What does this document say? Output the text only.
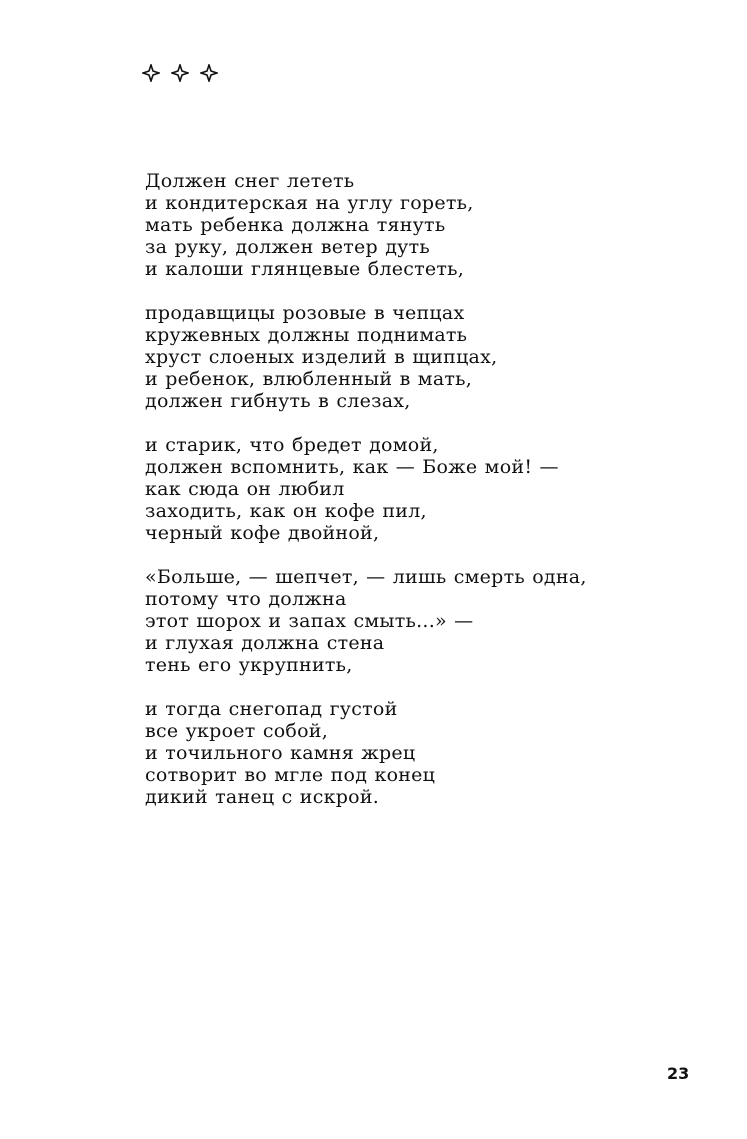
Должен снег лететь
и кондитерская на углу гореть,
мать ребенка должна тянуть
за руку, должен ветер дуть
и калоши глянцевые блестеть,
продавщицы розовые в чепцах
кружевных должны поднимать
хруст слоеных изделий в щипцах,
и ребенок, влюбленный в мать,
должен гибнуть в слезах,
и старик, что бредет домой,
должен вспомнить, как — Боже мой! —
как сюда он любил
заходить, как он кофе пил,
черный кофе двойной,
«Больше, — шепчет, — лишь смерть одна,
потому что должна
этот шорох и запах смыть...» —
и глухая должна стена
тень его укрупнить,
и тогда снегопад густой
все укроет собой,
и точильного камня жрец
сотворит во мгле под конец
дикий танец с искрой.
23
